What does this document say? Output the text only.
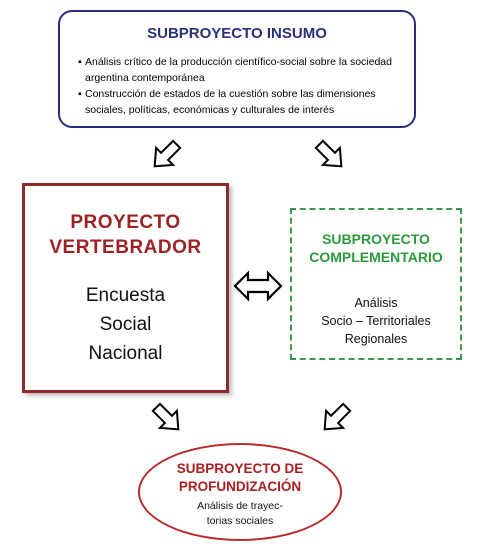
SUBPROYECTO INSUMO
▪ Análisis crítico de la producción científico-social sobre la sociedad argentina contemporánea
▪ Construcción de estados de la cuestión sobre las dimensiones sociales, políticas, económicas y culturales de interés
PROYECTO
VERTEBRADOR
Encuesta
Social
Nacional
SUBPROYECTO
COMPLEMENTARIO
Análisis
Socio – Territoriales
Regionales
SUBPROYECTO DE
PROFUNDIZACIÓN
Análisis de trayec-
torias sociales
